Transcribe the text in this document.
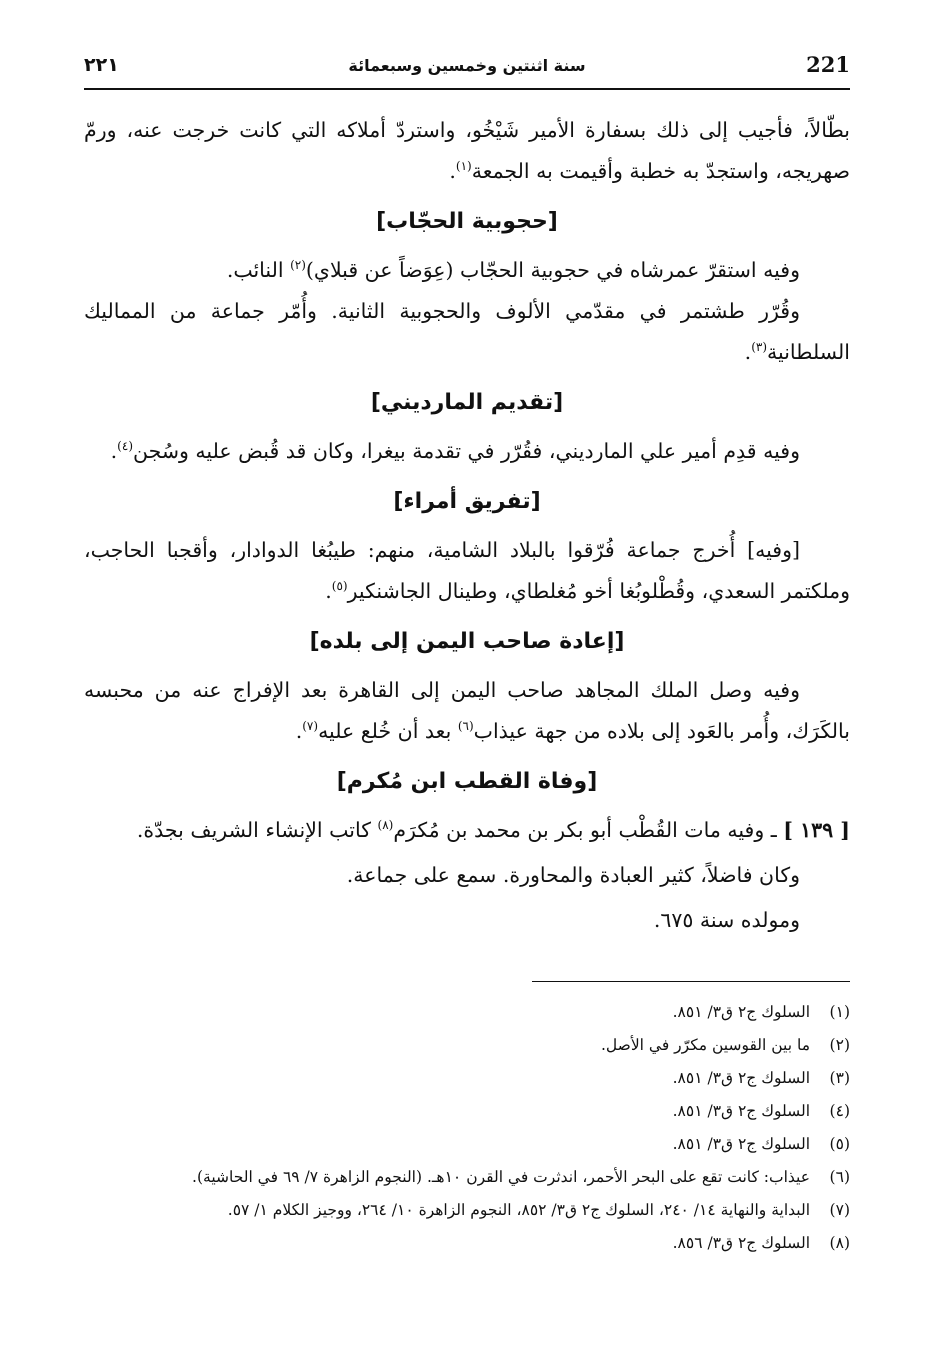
221
سنة اثنتين وخمسين وسبعمائة
٢٢١

بطّالاً، فأجيب إلى ذلك بسفارة الأمير شَيْخُو، واستردّ أملاكه التي كانت خرجت عنه، ورمّ صهريجه، واستجدّ به خطبة وأقيمت به الجمعة$^{(١)}$.

[حجوبية الحجّاب]

وفيه استقرّ عمرشاه في حجوبية الحجّاب (عِوَضاً عن قبلاي)$^{(٢)}$ النائب.

وقُرّر طشتمر في مقدّمي الألوف والحجوبية الثانية. وأُمّر جماعة من المماليك السلطانية$^{(٣)}$.

[تقديم المارديني]

وفيه قدِم أمير علي المارديني، فقُرّر في تقدمة بيغرا، وكان قد قُبض عليه وسُجن$^{(٤)}$.

[تفريق أمراء]

[وفيه] أُخرج جماعة فُرّقوا بالبلاد الشامية، منهم: طيبُغا الدوادار، وأقجبا الحاجب، وملكتمر السعدي، وقُطْلوبُغا أخو مُغلطاي، وطينال الجاشنكير$^{(٥)}$.

[إعادة صاحب اليمن إلى بلده]

وفيه وصل الملك المجاهد صاحب اليمن إلى القاهرة بعد الإفراج عنه من محبسه بالكَرَك، وأُمر بالعَود إلى بلاده من جهة عيذاب$^{(٦)}$ بعد أن خُلع عليه$^{(٧)}$.

[وفاة القطب ابن مُكرم]

[ ١٣٩ ] ـ وفيه مات القُطْب أبو بكر بن محمد بن مُكرَم$^{(٨)}$ كاتب الإنشاء الشريف بجدّة.

وكان فاضلاً، كثير العبادة والمحاورة. سمع على جماعة.

ومولده سنة ٦٧٥.

(١)
السلوك ج٢ ق٣/ ٨٥١.
(٢)
ما بين القوسين مكرّر في الأصل.
(٣)
السلوك ج٢ ق٣/ ٨٥١.
(٤)
السلوك ج٢ ق٣/ ٨٥١.
(٥)
السلوك ج٢ ق٣/ ٨٥١.
(٦)
عيذاب: كانت تقع على البحر الأحمر، اندثرت في القرن ١٠هـ. (النجوم الزاهرة ٧/ ٦٩ في الحاشية).
(٧)
البداية والنهاية ١٤/ ٢٤٠، السلوك ج٢ ق٣/ ٨٥٢، النجوم الزاهرة ١٠/ ٢٦٤، ووجيز الكلام ١/ ٥٧.
(٨)
السلوك ج٢ ق٣/ ٨٥٦.
